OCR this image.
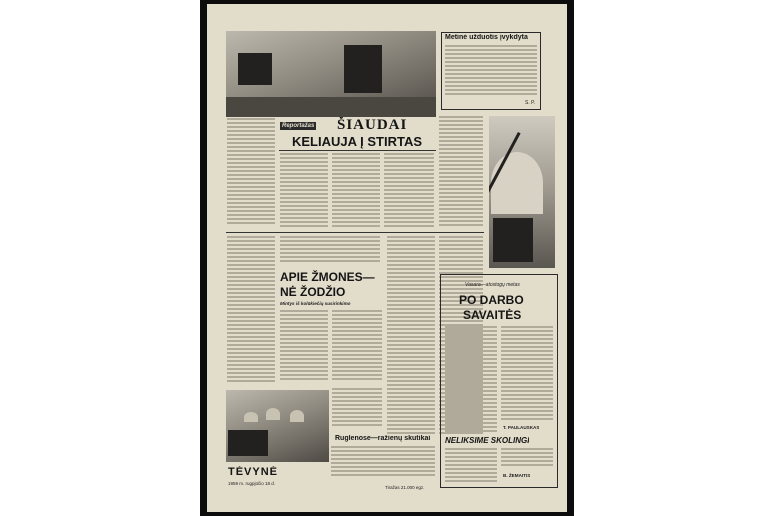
Metinė užduotis įvykdyta
S. P.
Reportažas ŠIAUDAI
KELIAUJA Į STIRTAS
APIE ŽMONES—
NĖ ŽODŽIO
Mintys iš kolūkiečių susirinkimo
Vasara—atostogų metas
PO DARBO
SAVAITĖS
T. PAULAUSKAS
NELIKSIME SKOLINGI
B. ŽEMAITIS
TĖVYNĖ
1959 m. rugpjūčio 18 d.
Ruglenose—ražienų skutikai
Tiražas 21.000 egz.
